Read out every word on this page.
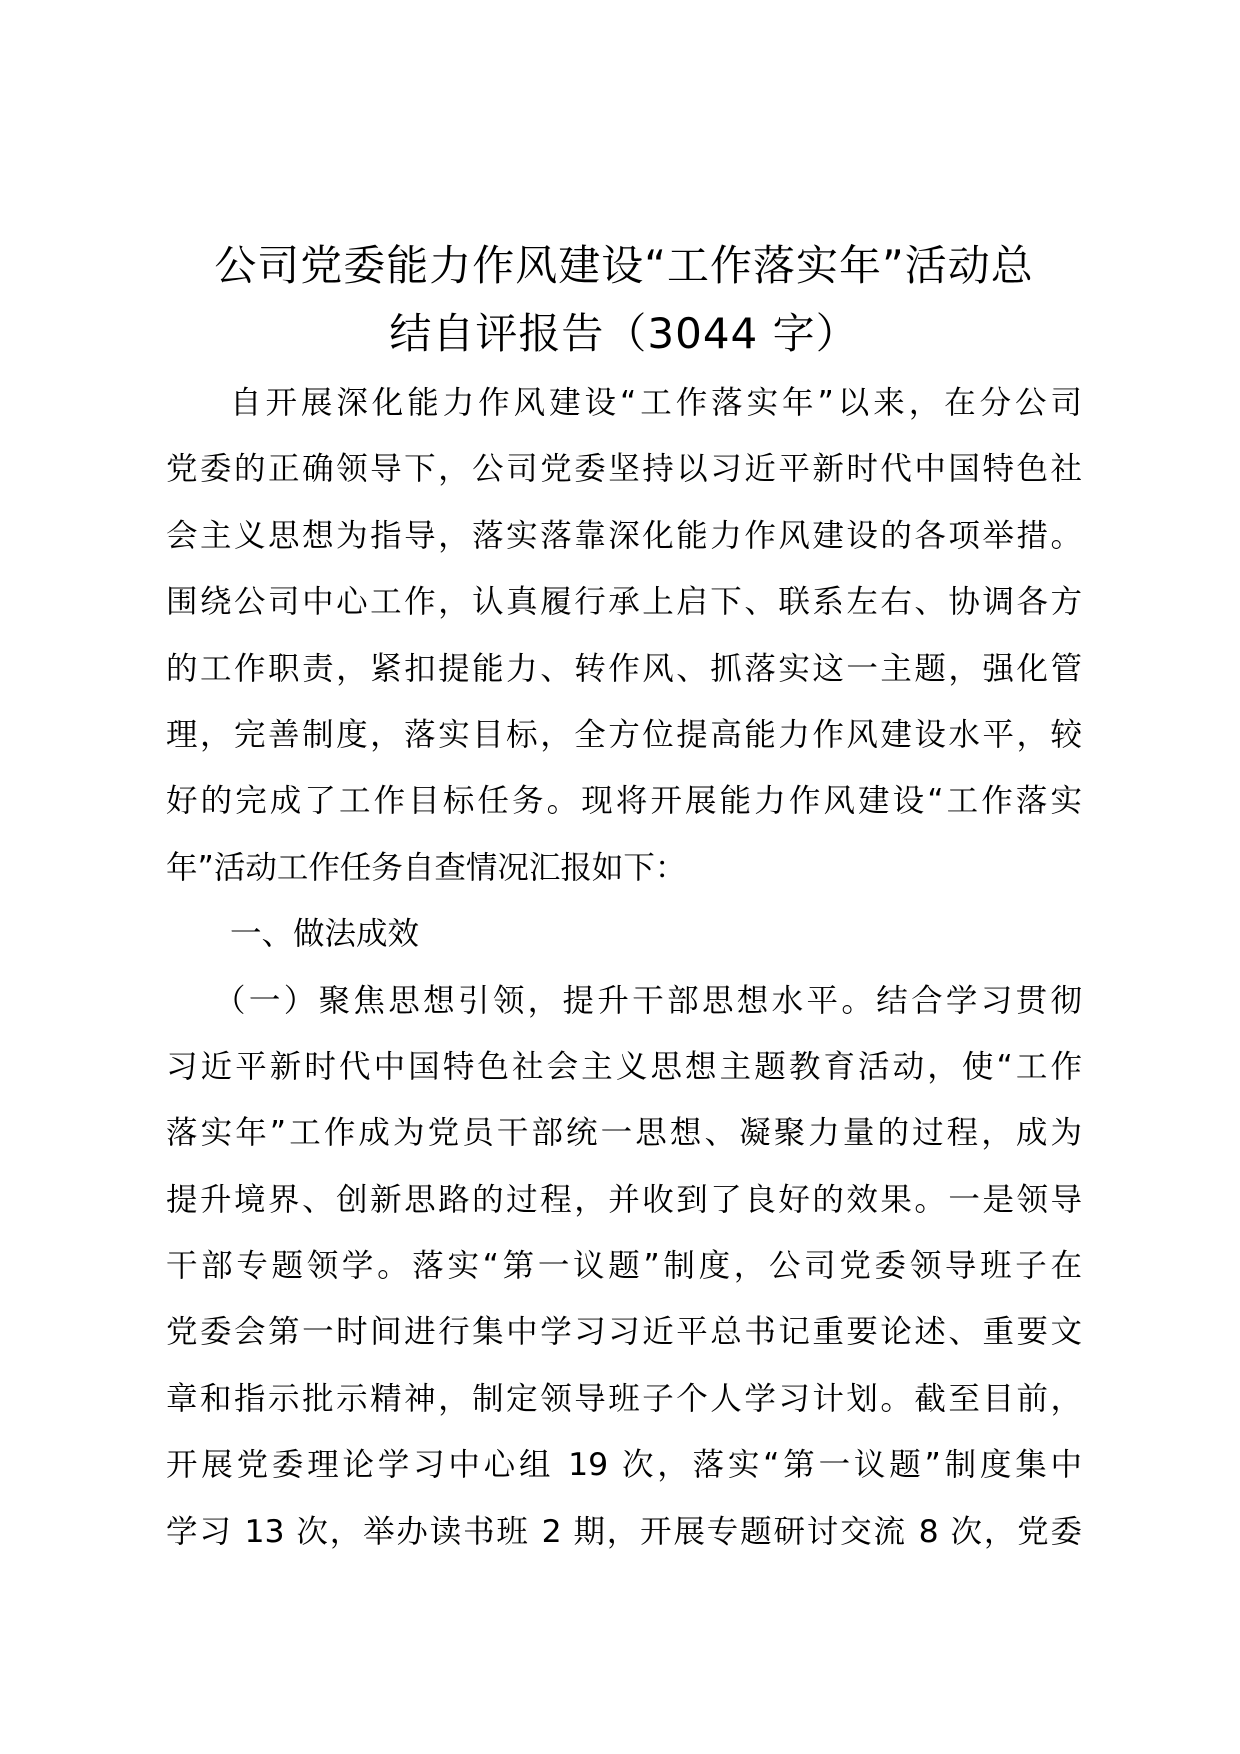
公司党委能力作风建设“工作落实年”活动总
结自评报告（3044 字）
自开展深化能力作风建设“工作落实年”以来，在分公司
党委的正确领导下，公司党委坚持以习近平新时代中国特色社
会主义思想为指导，落实落靠深化能力作风建设的各项举措。
围绕公司中心工作，认真履行承上启下、联系左右、协调各方
的工作职责，紧扣提能力、转作风、抓落实这一主题，强化管
理，完善制度，落实目标，全方位提高能力作风建设水平，较
好的完成了工作目标任务。现将开展能力作风建设“工作落实
年”活动工作任务自查情况汇报如下：
一、做法成效
（一）聚焦思想引领，提升干部思想水平。结合学习贯彻
习近平新时代中国特色社会主义思想主题教育活动，使“工作
落实年”工作成为党员干部统一思想、凝聚力量的过程，成为
提升境界、创新思路的过程，并收到了良好的效果。一是领导
干部专题领学。落实“第一议题”制度，公司党委领导班子在
党委会第一时间进行集中学习习近平总书记重要论述、重要文
章和指示批示精神，制定领导班子个人学习计划。截至目前，
开展党委理论学习中心组 19 次，落实“第一议题”制度集中
学习 13 次，举办读书班 2 期，开展专题研讨交流 8 次，党委
